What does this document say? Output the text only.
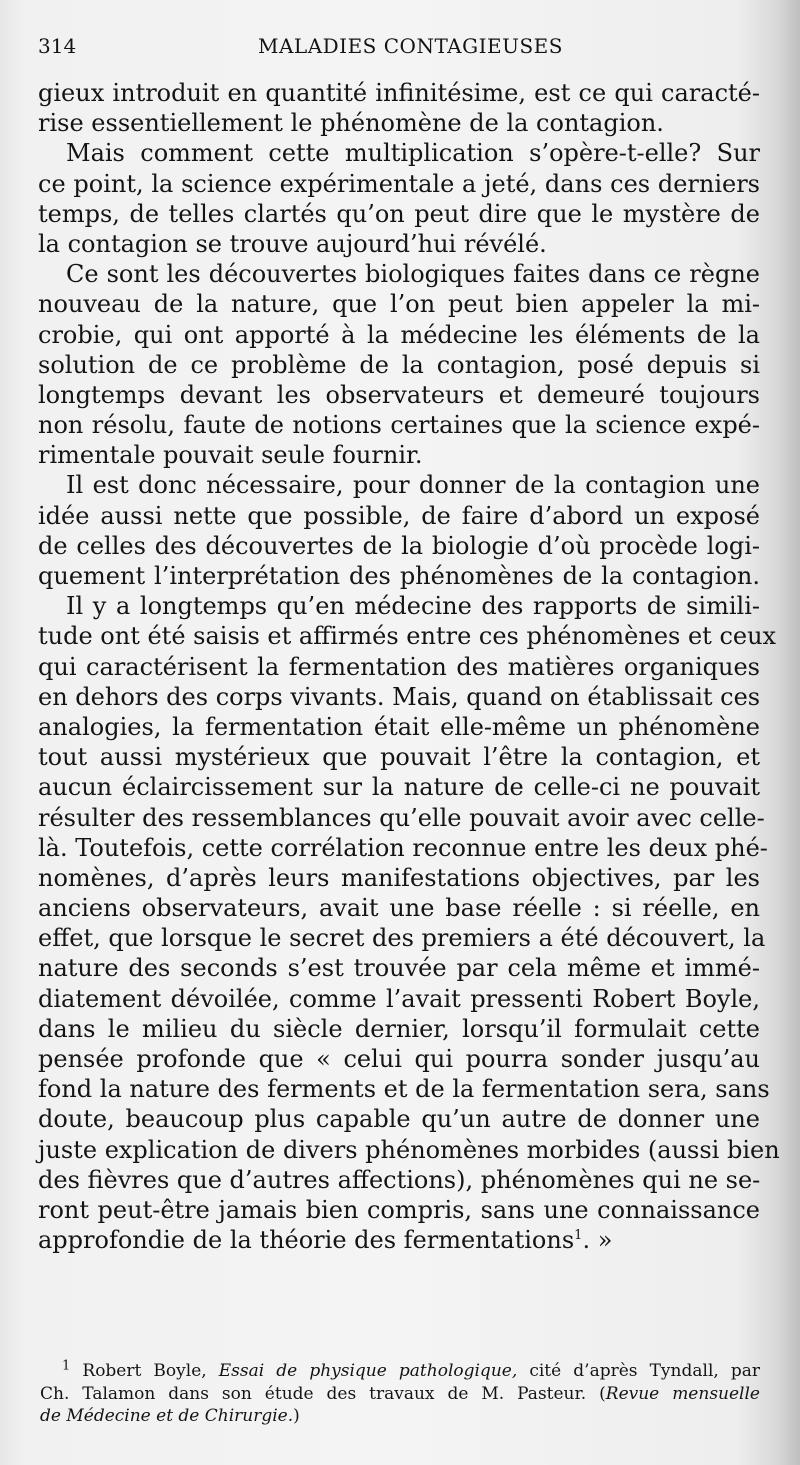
314	MALADIES CONTAGIEUSES
gieux introduit en quantité infinitésime, est ce qui caracté-
rise essentiellement le phénomène de la contagion.
Mais comment cette multiplication s’opère-t-elle? Sur
ce point, la science expérimentale a jeté, dans ces derniers
temps, de telles clartés qu’on peut dire que le mystère de
la contagion se trouve aujourd’hui révélé.
Ce sont les découvertes biologiques faites dans ce règne
nouveau de la nature, que l’on peut bien appeler la mi-
crobie, qui ont apporté à la médecine les éléments de la
solution de ce problème de la contagion, posé depuis si
longtemps devant les observateurs et demeuré toujours
non résolu, faute de notions certaines que la science expé-
rimentale pouvait seule fournir.
Il est donc nécessaire, pour donner de la contagion une
idée aussi nette que possible, de faire d’abord un exposé
de celles des découvertes de la biologie d’où procède logi-
quement l’interprétation des phénomènes de la contagion.
Il y a longtemps qu’en médecine des rapports de simili-
tude ont été saisis et affirmés entre ces phénomènes et ceux
qui caractérisent la fermentation des matières organiques
en dehors des corps vivants. Mais, quand on établissait ces
analogies, la fermentation était elle-même un phénomène
tout aussi mystérieux que pouvait l’être la contagion, et
aucun éclaircissement sur la nature de celle-ci ne pouvait
résulter des ressemblances qu’elle pouvait avoir avec celle-
là. Toutefois, cette corrélation reconnue entre les deux phé-
nomènes, d’après leurs manifestations objectives, par les
anciens observateurs, avait une base réelle : si réelle, en
effet, que lorsque le secret des premiers a été découvert, la
nature des seconds s’est trouvée par cela même et immé-
diatement dévoilée, comme l’avait pressenti Robert Boyle,
dans le milieu du siècle dernier, lorsqu’il formulait cette
pensée profonde que « celui qui pourra sonder jusqu’au
fond la nature des ferments et de la fermentation sera, sans
doute, beaucoup plus capable qu’un autre de donner une
juste explication de divers phénomènes morbides (aussi bien
des fièvres que d’autres affections), phénomènes qui ne se-
ront peut-être jamais bien compris, sans une connaissance
approfondie de la théorie des fermentations$^1$. »
$^1$ Robert Boyle, Essai de physique pathologique, cité d’après Tyndall, par
Ch. Talamon dans son étude des travaux de M. Pasteur. (Revue mensuelle
de Médecine et de Chirurgie.)
